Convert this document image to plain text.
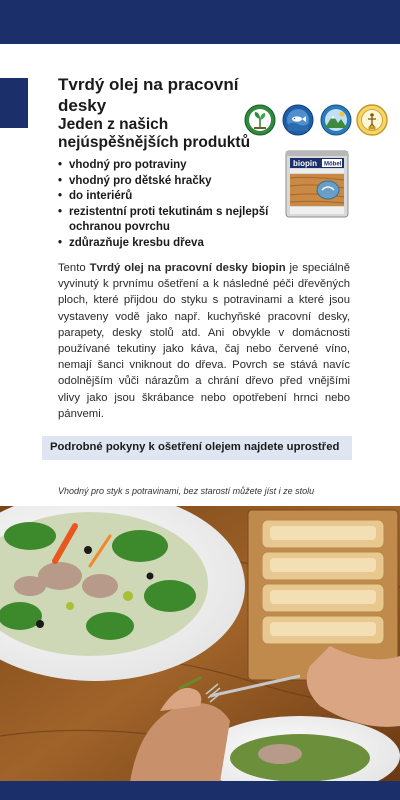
Tvrdý olej na pracovní desky
Jeden z našich nejúspěšnějších produktů
biopin Möbel
• vhodný pro potraviny
• vhodný pro dětské hračky
• do interiérů
• rezistentní proti tekutinám s nejlepší ochranou povrchu
• zdůrazňuje kresbu dřeva

Tento Tvrdý olej na pracovní desky biopin je speciálně vyvinutý k prvnímu ošetření a k následné péči dřevěných ploch, které přijdou do styku s potravinami a které jsou vystaveny vodě jako např. kuchyňské pracovní desky, parapety, desky stolů atd. Ani obvykle v domácnosti používané tekutiny jako káva, čaj nebo červené víno, nemají šanci vniknout do dřeva. Povrch se stává navíc odolnějším vůči nárazům a chrání dřevo před vnějšími vlivy jako jsou škrábance nebo opotřebení hrnci nebo pánvemi.

Podrobné pokyny k ošetření olejem najdete uprostřed

Vhodný pro styk s potravinami, bez starostí můžete jíst i ze stolu
